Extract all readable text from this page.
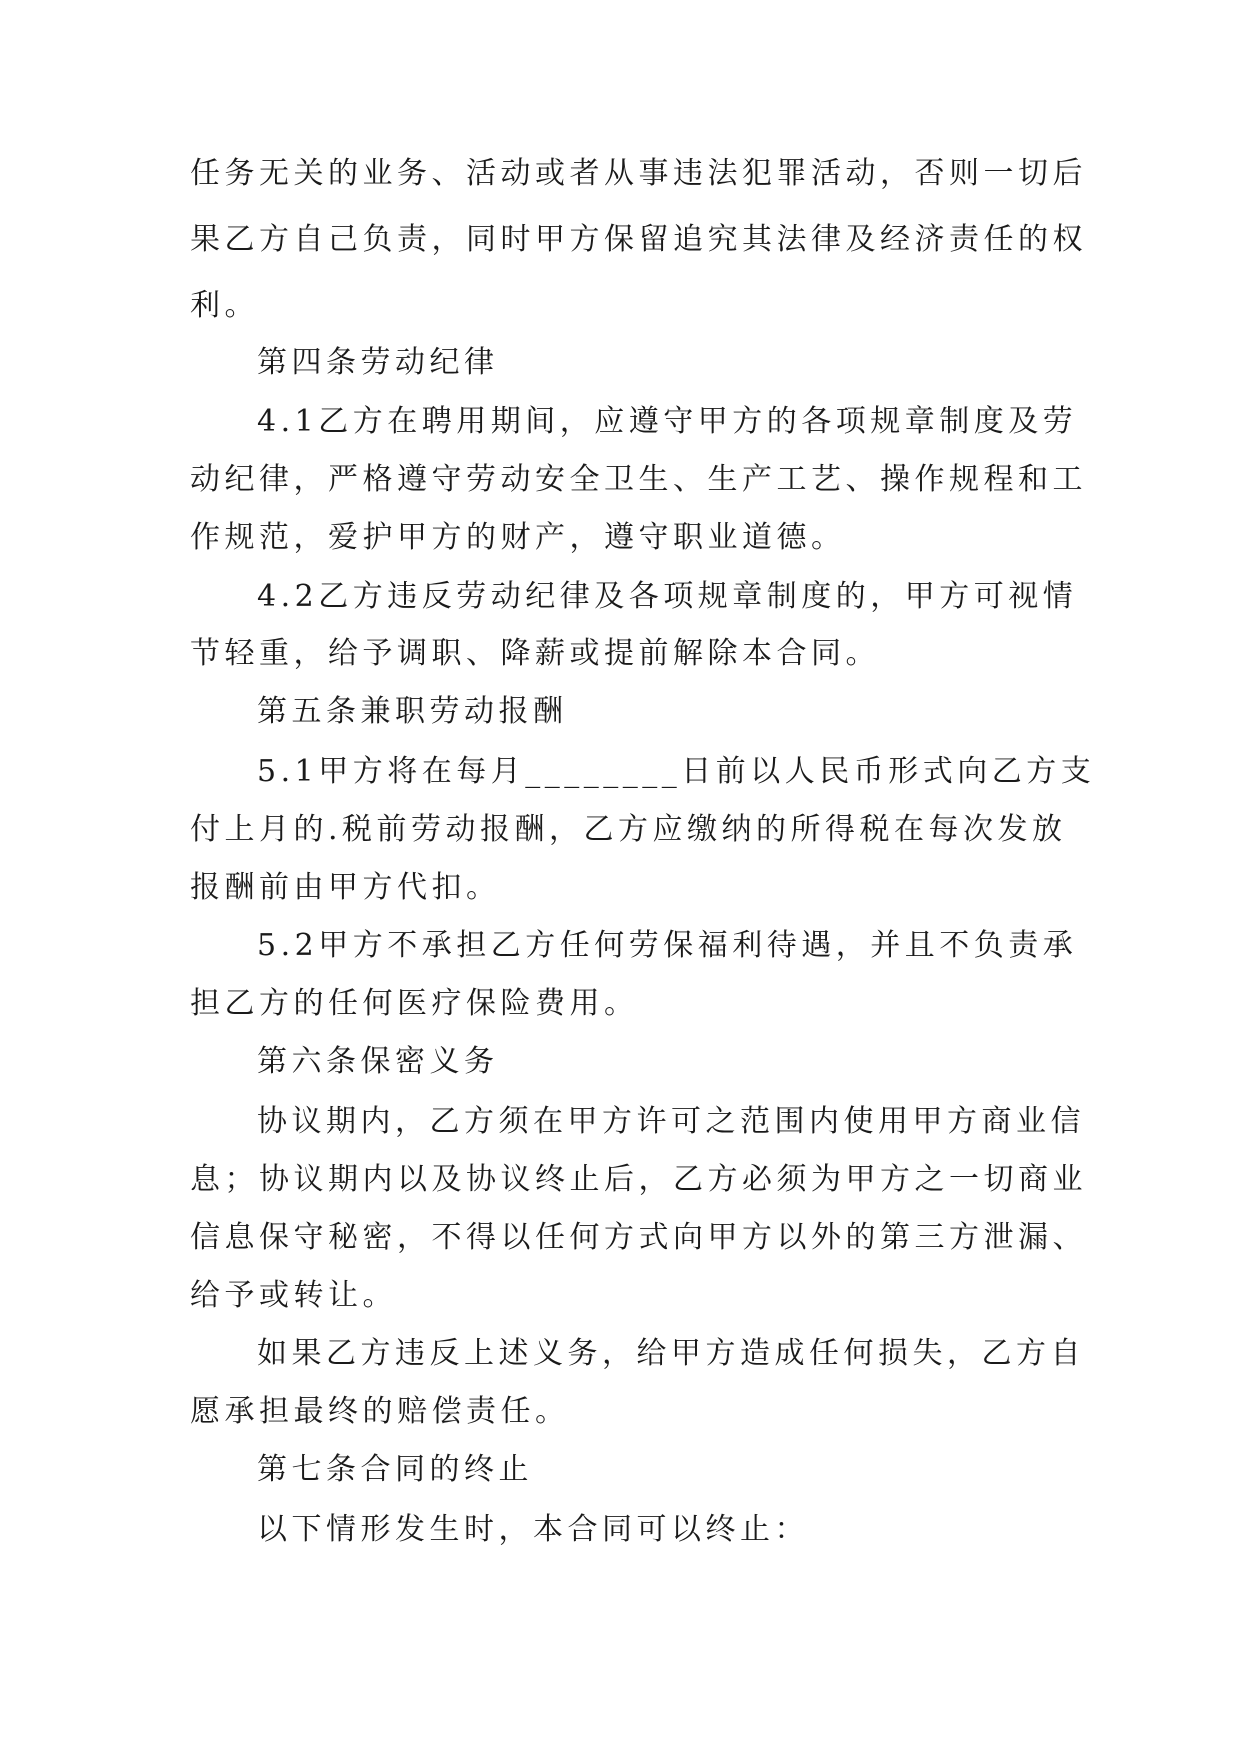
任务无关的业务、活动或者从事违法犯罪活动，否则一切后
果乙方自己负责，同时甲方保留追究其法律及经济责任的权
利。
第四条劳动纪律
4.1乙方在聘用期间，应遵守甲方的各项规章制度及劳
动纪律，严格遵守劳动安全卫生、生产工艺、操作规程和工
作规范，爱护甲方的财产，遵守职业道德。
4.2乙方违反劳动纪律及各项规章制度的，甲方可视情
节轻重，给予调职、降薪或提前解除本合同。
第五条兼职劳动报酬
5.1甲方将在每月________日前以人民币形式向乙方支
付上月的.税前劳动报酬，乙方应缴纳的所得税在每次发放
报酬前由甲方代扣。
5.2甲方不承担乙方任何劳保福利待遇，并且不负责承
担乙方的任何医疗保险费用。
第六条保密义务
协议期内，乙方须在甲方许可之范围内使用甲方商业信
息；协议期内以及协议终止后，乙方必须为甲方之一切商业
信息保守秘密，不得以任何方式向甲方以外的第三方泄漏、
给予或转让。
如果乙方违反上述义务，给甲方造成任何损失，乙方自
愿承担最终的赔偿责任。
第七条合同的终止
以下情形发生时，本合同可以终止：
